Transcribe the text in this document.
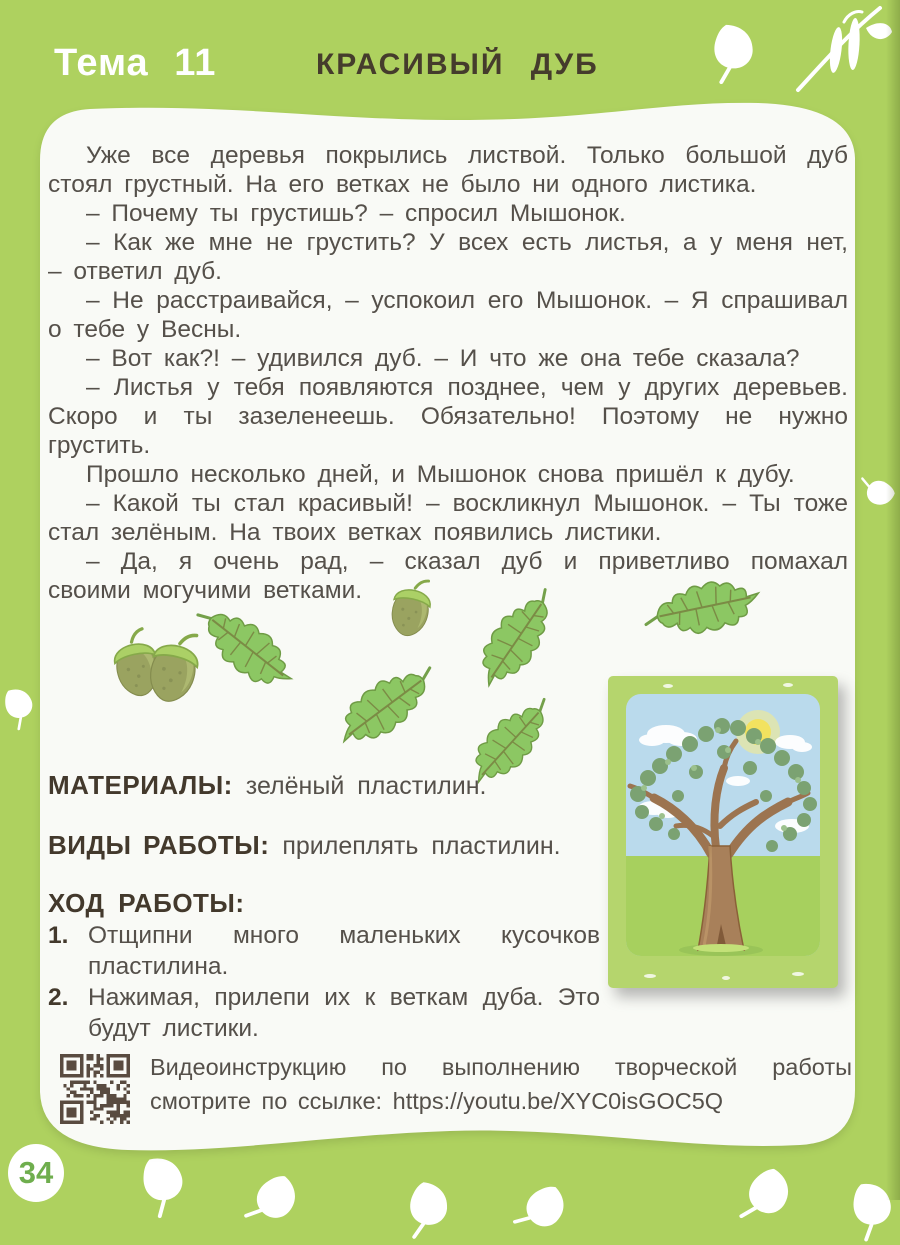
Тема 11	КРАСИВЫЙ ДУБ

Уже все деревья покрылись листвой. Только большой дуб стоял грустный. На его ветках не было ни одного листика.

– Почему ты грустишь? – спросил Мышонок.

– Как же мне не грустить? У всех есть листья, а у меня нет, – ответил дуб.

– Не расстраивайся, – успокоил его Мышонок. – Я спрашивал о тебе у Весны.

– Вот как?! – удивился дуб. – И что же она тебе сказала?

– Листья у тебя появляются позднее, чем у других деревьев. Скоро и ты зазеленеешь. Обязательно! Поэтому не нужно грустить.

Прошло несколько дней, и Мышонок снова пришёл к дубу.

– Какой ты стал красивый! – воскликнул Мышонок. – Ты тоже стал зелёным. На твоих ветках появились листики.

– Да, я очень рад, – сказал дуб и приветливо помахал своими могучими ветками.

МАТЕРИАЛЫ: зелёный пластилин.
ВИДЫ РАБОТЫ: прилеплять пластилин.
ХОД РАБОТЫ:
1. Отщипни много маленьких кусочков пластилина.
2. Нажимая, прилепи их к веткам дуба. Это будут листики.
Видеоинструкцию по выполнению творческой работы смотрите по ссылке: https://youtu.be/XYC0isGOC5Q
34
